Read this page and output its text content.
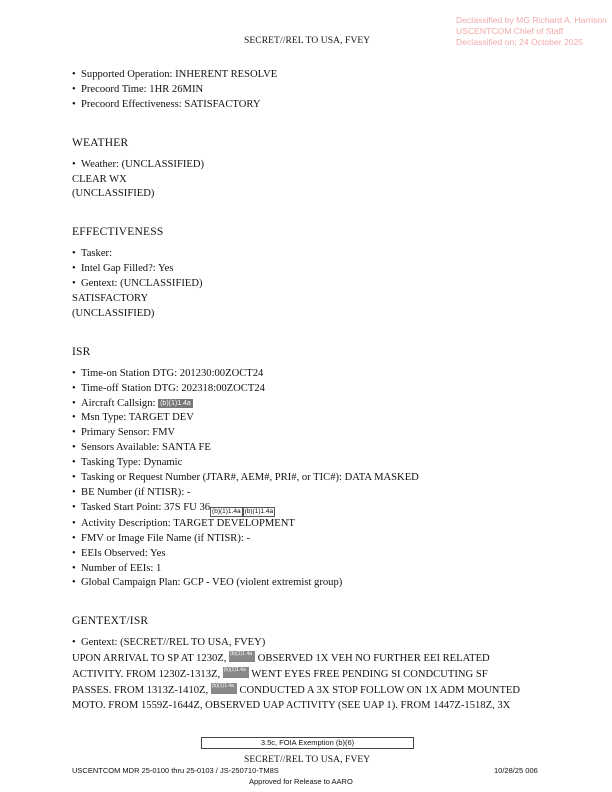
Declassified by MG Richard A. Harrison
USCENTCOM Chief of Staff
Declassified on: 24 October 2025
SECRET//REL TO USA, FVEY

• Supported Operation: INHERENT RESOLVE

• Precoord Time: 1HR 26MIN

• Precoord Effectiveness: SATISFACTORY

WEATHER

• Weather: (UNCLASSIFIED)

CLEAR WX

(UNCLASSIFIED)

EFFECTIVENESS

• Tasker:

• Intel Gap Filled?: Yes

• Gentext: (UNCLASSIFIED)

SATISFACTORY

(UNCLASSIFIED)

ISR

• Time-on Station DTG: 201230:00ZOCT24

• Time-off Station DTG: 202318:00ZOCT24

• Aircraft Callsign: (b)(1)1.4a

• Msn Type: TARGET DEV

• Primary Sensor: FMV

• Sensors Available: SANTA FE

• Tasking Type: Dynamic

• Tasking or Request Number (JTAR#, AEM#, PRI#, or TIC#): DATA MASKED

• BE Number (if NTISR): -

• Tasked Start Point: 37S FU 36 (b)(1)1.4a (b)(1)1.4a

• Activity Description: TARGET DEVELOPMENT

• FMV or Image File Name (if NTISR): -

• EEIs Observed: Yes

• Number of EEIs: 1

• Global Campaign Plan: GCP - VEO (violent extremist group)

GENTEXT/ISR

• Gentext: (SECRET//REL TO USA, FVEY)

UPON ARRIVAL TO SP AT 1230Z, (b)(1)1.4a OBSERVED 1X VEH NO FURTHER EEI RELATED

ACTIVITY. FROM 1230Z-1313Z, (b)(1)1.4a WENT EYES FREE PENDING SI CONDCUTING SF

PASSES. FROM 1313Z-1410Z, (b)(1)1.4a CONDUCTED A 3X STOP FOLLOW ON 1X ADM MOUNTED

MOTO. FROM 1559Z-1644Z, OBSERVED UAP ACTIVITY (SEE UAP 1). FROM 1447Z-1518Z, 3X

3.5c, FOIA Exemption (b)(6)
SECRET//REL TO USA, FVEY
USCENTCOM MDR 25-0100 thru 25-0103 / JS-250710-TM8S	10/28/25 006
Approved for Release to AARO
